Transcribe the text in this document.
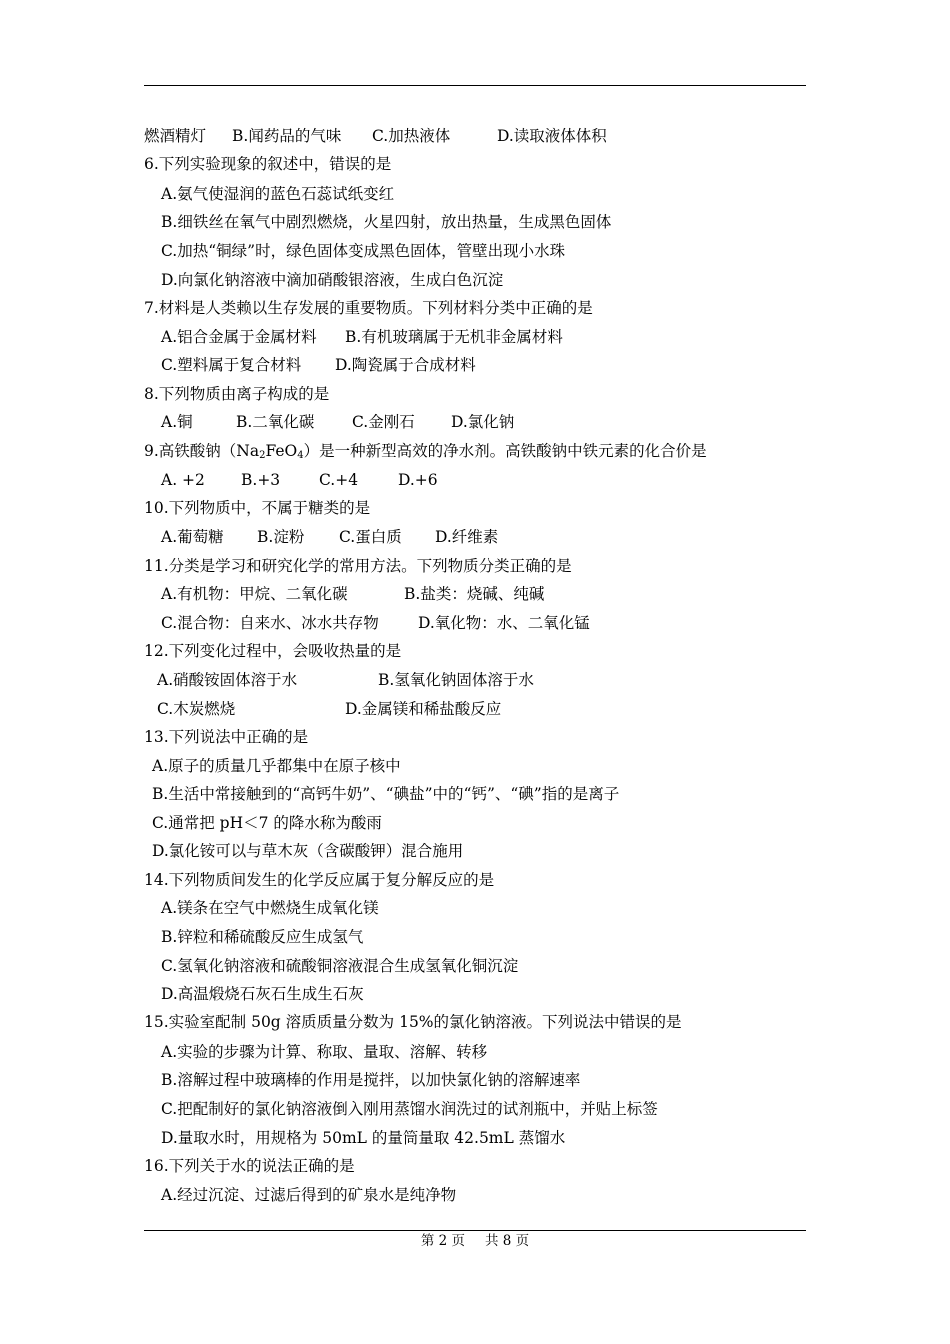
燃酒精灯 B.闻药品的气味 C.加热液体	D.读取液体体积
6.下列实验现象的叙述中，错误的是
A.氨气使湿润的蓝色石蕊试纸变红
B.细铁丝在氧气中剧烈燃烧，火星四射，放出热量，生成黑色固体
C.加热“铜绿”时，绿色固体变成黑色固体，管壁出现小水珠
D.向氯化钠溶液中滴加硝酸银溶液，生成白色沉淀
7.材料是人类赖以生存发展的重要物质。下列材料分类中正确的是
A.铝合金属于金属材料 B.有机玻璃属于无机非金属材料
C.塑料属于复合材料 D.陶瓷属于合成材料
8.下列物质由离子构成的是
A.铜	B.二氧化碳 C.金刚石 D.氯化钠
9.高铁酸钠$(Na_2FeO_4)$是一种新型高效的净水剂。高铁酸钠中铁元素的化合价是
A. +2 B.+3	C.+4	D.+6
10.下列物质中，不属于糖类的是
A.葡萄糖 B.淀粉 C.蛋白质 D.纤维素
11.分类是学习和研究化学的常用方法。下列物质分类正确的是
A.有机物：甲烷、二氧化碳	B.盐类：烧碱、纯碱
C.混合物：自来水、冰水共存物	D.氧化物：水、二氧化锰
12.下列变化过程中，会吸收热量的是
A.硝酸铵固体溶于水	B.氢氧化钠固体溶于水
C.木炭燃烧	D.金属镁和稀盐酸反应
13.下列说法中正确的是
A.原子的质量几乎都集中在原子核中
B.生活中常接触到的“高钙牛奶”、“碘盐”中的“钙”、“碘”指的是离子
C.通常把 pH＜7 的降水称为酸雨
D.氯化铵可以与草木灰（含碳酸钾）混合施用
14.下列物质间发生的化学反应属于复分解反应的是
A.镁条在空气中燃烧生成氧化镁
B.锌粒和稀硫酸反应生成氢气
C.氢氧化钠溶液和硫酸铜溶液混合生成氢氧化铜沉淀
D.高温煅烧石灰石生成生石灰
15.实验室配制 50g 溶质质量分数为 15%的氯化钠溶液。下列说法中错误的是
A.实验的步骤为计算、称取、量取、溶解、转移
B.溶解过程中玻璃棒的作用是搅拌，以加快氯化钠的溶解速率
C.把配制好的氯化钠溶液倒入刚用蒸馏水润洗过的试剂瓶中，并贴上标签
D.量取水时，用规格为 50mL 的量筒量取 42.5mL 蒸馏水
16.下列关于水的说法正确的是
A.经过沉淀、过滤后得到的矿泉水是纯净物
第 2 页 共 8 页
